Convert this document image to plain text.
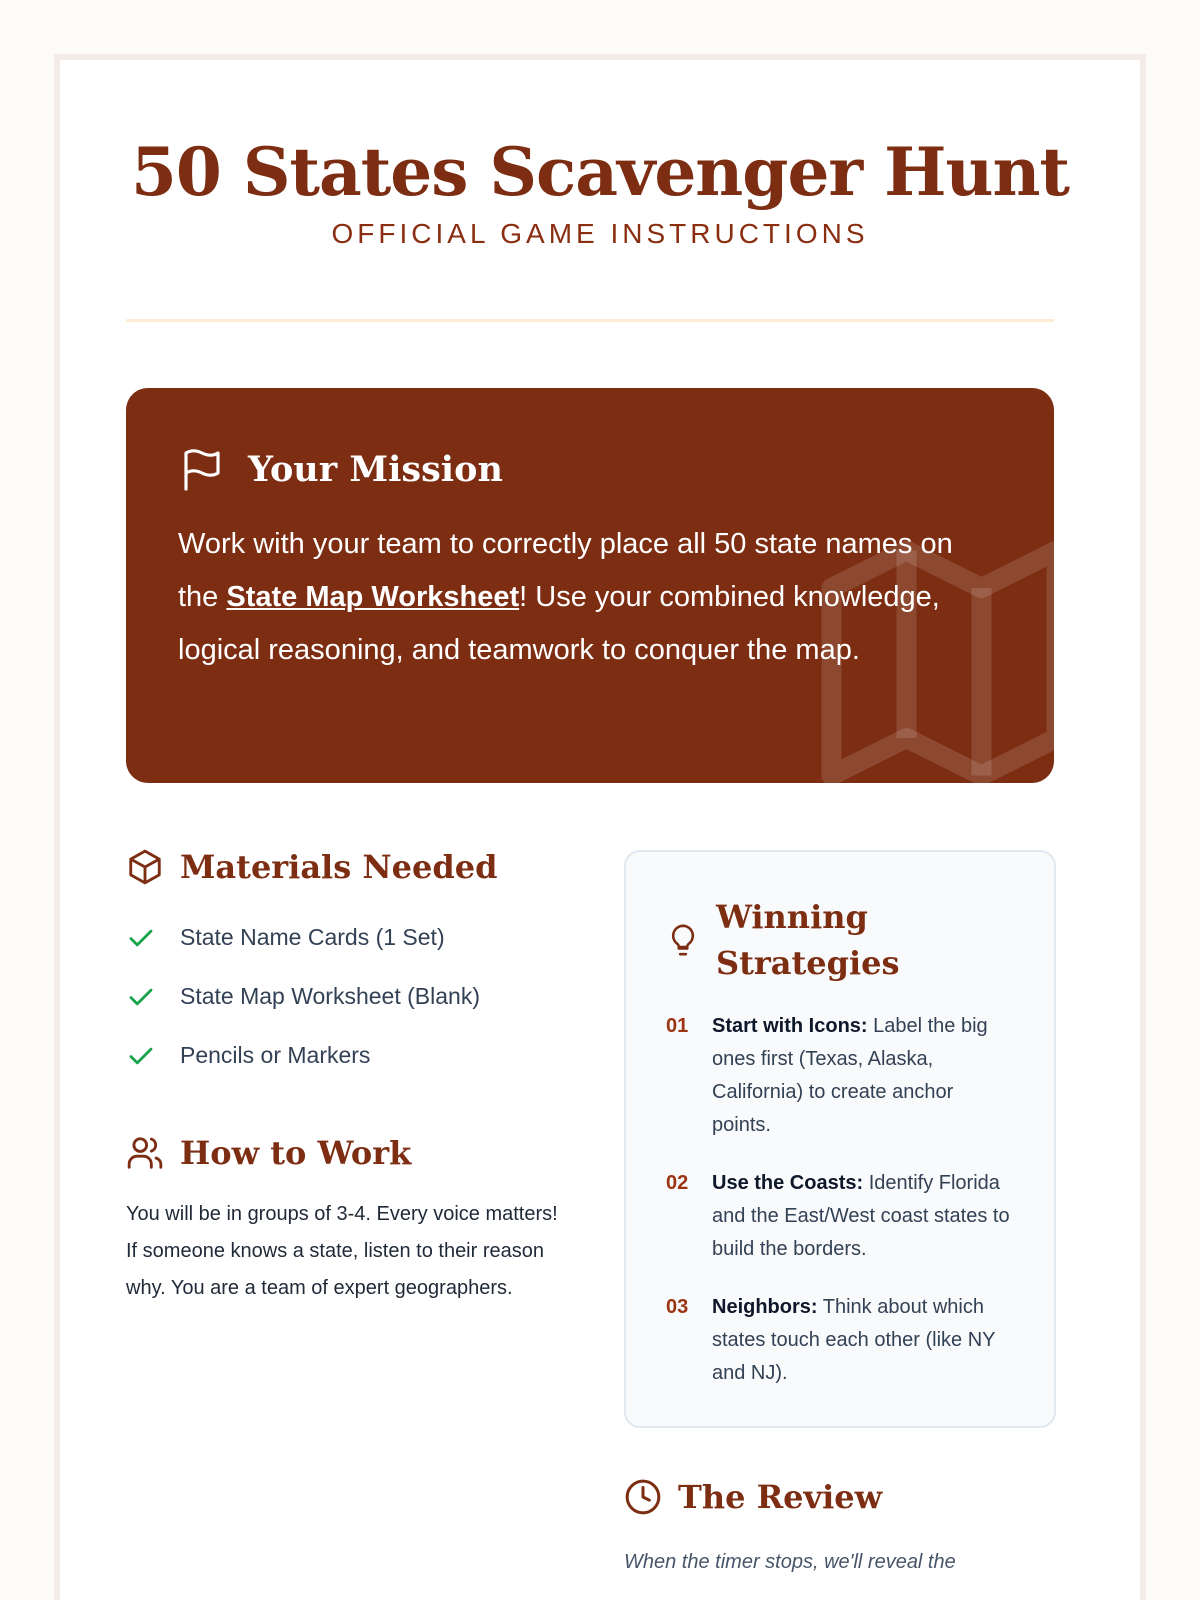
50 States Scavenger Hunt
OFFICIAL GAME INSTRUCTIONS
Your Mission

Work with your team to correctly place all 50 state names on the State Map Worksheet! Use your combined knowledge, logical reasoning, and teamwork to conquer the map.

Materials Needed
State Name Cards (1 Set)
State Map Worksheet (Blank)
Pencils or Markers
How to Work

You will be in groups of 3-4. Every voice matters! If someone knows a state, listen to their reason why. You are a team of expert geographers.

Winning Strategies
01 Start with Icons: Label the big ones first (Texas, Alaska, California) to create anchor points.
02 Use the Coasts: Identify Florida and the East/West coast states to build the borders.
03 Neighbors: Think about which states touch each other (like NY and NJ).
The Review

When the timer stops, we'll reveal the
